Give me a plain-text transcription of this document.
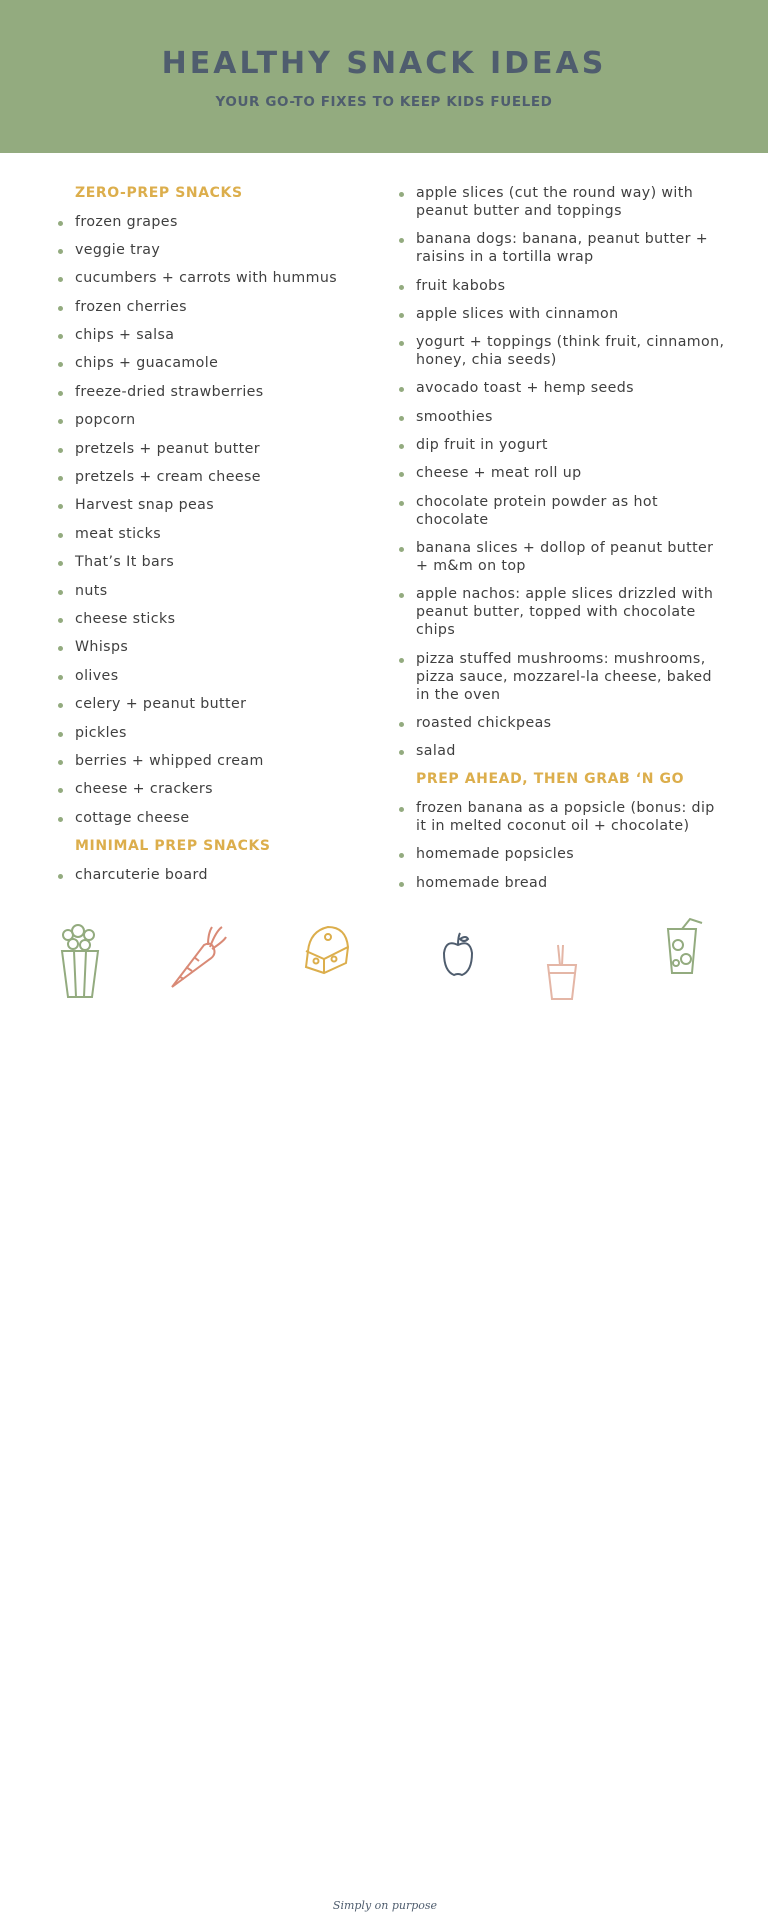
HEALTHY SNACK IDEAS
YOUR GO-TO FIXES TO KEEP KIDS FUELED
ZERO-PREP SNACKS
frozen grapes
veggie tray
cucumbers + carrots with hummus
frozen cherries
chips + salsa
chips + guacamole
freeze-dried strawberries
popcorn
pretzels + peanut butter
pretzels + cream cheese
Harvest snap peas
meat sticks
That’s It bars
nuts
cheese sticks
Whisps
olives
celery + peanut butter
pickles
berries + whipped cream
cheese + crackers
cottage cheese
MINIMAL PREP SNACKS
charcuterie board
apple slices (cut the round way) with peanut butter and toppings
banana dogs: banana, peanut butter + raisins in a tortilla wrap
fruit kabobs
apple slices with cinnamon
yogurt + toppings (think fruit, cinnamon, honey, chia seeds)
avocado toast + hemp seeds
smoothies
dip fruit in yogurt
cheese + meat roll up
chocolate protein powder as hot chocolate
banana slices + dollop of peanut butter + m&m on top
apple nachos: apple slices drizzled with peanut butter, topped with chocolate chips
pizza stuffed mushrooms: mushrooms, pizza sauce, mozzarel-la cheese, baked in the oven
roasted chickpeas
salad
PREP AHEAD, THEN GRAB ‘N GO
frozen banana as a popsicle (bonus: dip it in melted coconut oil + chocolate)
homemade popsicles
homemade bread
Simply on purpose
